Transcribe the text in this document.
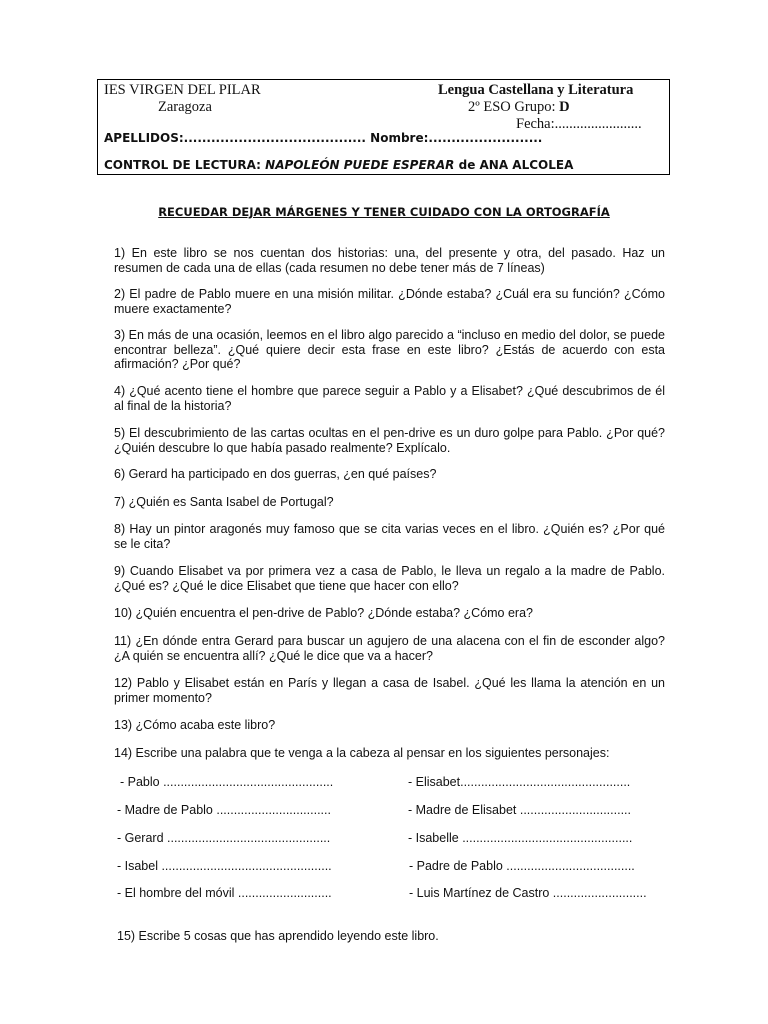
IES VIRGEN DEL PILAR
Zaragoza
Lengua Castellana y Literatura
2º ESO Grupo: D
Fecha:........................
APELLIDOS:........................................ Nombre:.........................
CONTROL DE LECTURA: NAPOLEÓN PUEDE ESPERAR de ANA ALCOLEA
RECUEDAR DEJAR MÁRGENES Y TENER CUIDADO CON LA ORTOGRAFÍA
1) En este libro se nos cuentan dos historias: una, del presente y otra, del pasado. Haz un resumen de cada una de ellas (cada resumen no debe tener más de 7 líneas)
2) El padre de Pablo muere en una misión militar. ¿Dónde estaba? ¿Cuál era su función? ¿Cómo muere exactamente?
3) En más de una ocasión, leemos en el libro algo parecido a “incluso en medio del dolor, se puede encontrar belleza”. ¿Qué quiere decir esta frase en este libro? ¿Estás de acuerdo con esta afirmación? ¿Por qué?
4) ¿Qué acento tiene el hombre que parece seguir a Pablo y a Elisabet? ¿Qué descubrimos de él al final de la historia?
5) El descubrimiento de las cartas ocultas en el pen-drive es un duro golpe para Pablo. ¿Por qué? ¿Quién descubre lo que había pasado realmente? Explícalo.
6) Gerard ha participado en dos guerras, ¿en qué países?
7) ¿Quién es Santa Isabel de Portugal?
8) Hay un pintor aragonés muy famoso que se cita varias veces en el libro. ¿Quién es? ¿Por qué se le cita?
9) Cuando Elisabet va por primera vez a casa de Pablo, le lleva un regalo a la madre de Pablo. ¿Qué es? ¿Qué le dice Elisabet que tiene que hacer con ello?
10) ¿Quién encuentra el pen-drive de Pablo? ¿Dónde estaba? ¿Cómo era?
11) ¿En dónde entra Gerard para buscar un agujero de una alacena con el fin de esconder algo? ¿A quién se encuentra allí? ¿Qué le dice que va a hacer?
12) Pablo y Elisabet están en París y llegan a casa de Isabel. ¿Qué les llama la atención en un primer momento?
13) ¿Cómo acaba este libro?
14) Escribe una palabra que te venga a la cabeza al pensar en los siguientes personajes:
- Pablo .................................................
- Madre de Pablo .................................
- Gerard ...............................................
- Isabel .................................................
- El hombre del móvil ...........................
- Elisabet.................................................
- Madre de Elisabet ................................
- Isabelle .................................................
- Padre de Pablo .....................................
- Luis Martínez de Castro ...........................
15) Escribe 5 cosas que has aprendido leyendo este libro.
